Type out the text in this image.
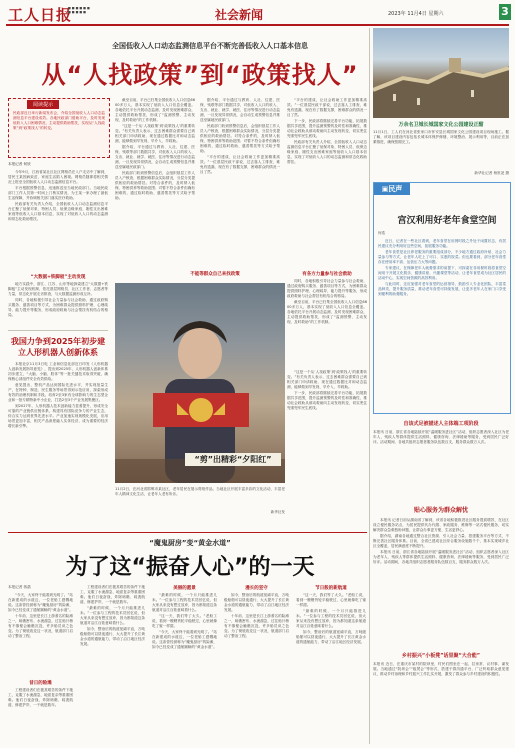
工人日报
■ ■ ■ ■ ■ ■
■ ■ ■ ■ ■	社会新闻	2023年 11月4日 星期六	3
全国低收入人口动态监测信息平台不断完善低收入人口基本信息
从“人找政策”到“政策找人”
阅读提示
民政部近日举行新闻发布会，介绍全国低收入人口动态监测信息平台建设成效。各地民政部门借助平台，及时发现低收入人口困难情况，主动提供救助帮扶，实现从“人找政策”到“政策找人”的转变。
本报记者 何欣

今年9月，江西省某社区社区网格员在入户走访中了解到，居民王某因病致贫，家庭生活陷入困境。网格员随即将相关情况上报至全国低收入人口动态监测信息平台。

平台根据预警信息，迅速推送至当地民政部门。当地民政部门工作人员第一时间上门核实情况，为王某一家办理了最低生活保障，并协调相关部门落实医疗救助。

民政部有关负责人介绍，全国低收入人口动态监测信息平台汇聚了低保对象、特困人员、低保边缘家庭、刚性支出困难家庭等低收入人口基本信息，实现了对低收入人口的动态监测和常态化救助帮扶。

“大数据+铁脚板”主动发现

地方实践中，浙江、江苏、山东等地探索建立“大数据+铁脚板”主动发现机制，依托基层网格员、社区工作者、志愿者等力量，常态化开展走访排查，与大数据监测形成互补。

同时，各地积极引导社会力量参与社会救助，通过政府购买服务、慈善项目等方式，为困难群众提供照料护理、心理疏导、能力提升等服务，形成政府救助与社会帮扶有机结合的格局。

截至目前，平台已归集全国低收入人口信息6600多万人，基本实现了低收入人口信息全覆盖。各地依托平台开展动态监测，及时发现困难群众，主动提供救助帮扶，形成了“监测预警、主动发现、及时救助”的工作机制。

“这是一个从‘人找政策’到‘政策找人’的重要转变。”有关负责人表示，过去困难群众需要自己到相关部门申请救助，现在通过数据比对和动态监测，能够做到早发现、早介入、早救助。

据介绍，平台通过与教育、人社、住建、医保、残联等部门数据共享，对低收入人口的收入、支出、就业、就学、就医、住房等情况进行动态监测，一旦发现异常情况，会自动生成预警信息并推送至属地民政部门。

民政部门收到预警信息后，会组织基层工作人员入户核查，根据困难群众实际情况，分层分类提供相应的救助帮扶。对符合条件的，及时纳入低保、特困供养等救助范围；对暂不符合条件但确有困难的，通过临时救助、慈善帮扶等方式给予帮助。

据介绍，平台通过与教育、人社、住建、医保、残联等部门数据共享，对低收入人口的收入、支出、就业、就学、就医、住房等情况进行动态监测，一旦发现异常情况，会自动生成预警信息并推送至属地民政部门。

民政部门收到预警信息后，会组织基层工作人员入户核查，根据困难群众实际情况，分层分类提供相应的救助帮扶。对符合条件的，及时纳入低保、特困供养等救助范围；对暂不符合条件但确有困难的，通过临时救助、慈善帮扶等方式给予帮助。

“平台的建成，让社会救助工作更加精准高效。”一位基层民政干部说，过去靠人工排查，难免有遗漏，现在有了数据支撑，困难群众的情况一目了然。

“平台的建成，让社会救助工作更加精准高效。”一位基层民政干部说，过去靠人工排查，难免有遗漏，现在有了数据支撑，困难群众的情况一目了然。

下一步，民政部将继续完善平台功能，拓展数据共享范围，提升监测预警的及时性和准确性，推动社会救助从被动救助向主动发现转变，切实兜住兜准兜牢民生底线。

民政部有关负责人介绍，全国低收入人口动态监测信息平台汇聚了低保对象、特困人员、低保边缘家庭、刚性支出困难家庭等低收入人口基本信息，实现了对低收入人口的动态监测和常态化救助帮扶。

有各方力量参与社会救助

同时，各地积极引导社会力量参与社会救助，通过政府购买服务、慈善项目等方式，为困难群众提供照料护理、心理疏导、能力提升等服务，形成政府救助与社会帮扶有机结合的格局。

截至目前，平台已归集全国低收入人口信息6600多万人，基本实现了低收入人口信息全覆盖。各地依托平台开展动态监测，及时发现困难群众，主动提供救助帮扶，形成了“监测预警、主动发现、及时救助”的工作机制。

不能等群众自己来找政策
万余名卫城长城国家文化公园建设正酣
11月1日，工人们在河北省张家口市怀安县长城国家文化公园建设项目现场施工。据了解，该项目建设内容包括长城本体保护修缮、环境整治、展示利用等，目前正在加紧推进，确保按期完工。
新华社记者 杨世尧 摄
▣民声
宫汉利用好老年食堂空间
何浩

近日，记者在一些社区看到，老年食堂在用餐时段之外处于闲置状态，有居民建议充分利用好这些空间，拓展服务功能。

老年食堂是社区养老服务的重要组成部分，不少地方通过政府补贴、社会力量参与等方式，让老年人吃上了可口、实惠的饭菜。但也要看到，部分老年食堂存在使用率不高、运营压力大等问题。

专家建议，在保障老年人就餐需求的前提下，可探索在非用餐时段将食堂空间用于开展文化娱乐、健康讲座、兴趣课堂等活动，让老年食堂成为社区居民的活动中心，实现空间资源的高效利用。

与此同时，还应加强对老年食堂的运营指导，鼓励引入专业化团队，丰富菜品种类，提升服务质量，推动老年食堂可持续发展，让更多老年人在家门口享受到便利的助餐服务。

自该式足被描述人主体端工项阶段
本报讯 日前，浙江省各地陆续开展“温暖服务进社区”活动，组织志愿者深入社区为老年人、残疾人等群体提供生活照料、健康咨询、法律援助等服务，受到居民广泛好评。活动期间，各地共组织志愿者服务队伍数百支，服务群众数万人次。
贴心服务为群众解忧

本报讯 记者日前从湖南省了解到，该省各地积极推进社区服务提质增效，在社区设立便民服务站点，为居民提供代办代缴、家政服务、维修等一站式便民服务，切实解决群众急难愁盼问题，让群众办事更方便、生活更舒心。

据介绍，湖南各地通过整合社区资源、引入社会力量、搭建服务平台等方式，不断完善社区服务体系。目前，全省已建成社区综合服务设施数千个，基本实现城乡社区全覆盖，居民满意度不断提升。

本报讯 日前，浙江省各地陆续开展“温暖服务进社区”活动，组织志愿者深入社区为老年人、残疾人等群体提供生活照料、健康咨询、法律援助等服务，受到居民广泛好评。活动期间，各地共组织志愿者服务队伍数百支，服务群众数万人次。

乡村振兴“小板凳”话里聚“大合能”
本报讯 近日，在重庆市某村的院坝里，村民们围坐在一起，拉家常、议村事、谋发展。当地通过“院坝会”“板凳会”等形式，搭建干群沟通平台，广泛听取群众意见建议，推动乡村治理和乡村振兴工作扎实开展，激发了群众参与乡村建设的积极性。
我国力争到2025年初步建立人形机器人创新体系

本报北京11月3日电 工业和信息化部近日印发《人形机器人创新发展指导意见》，提出到2025年，人形机器人创新体系初步建立，“大脑、小脑、肢体”等一批关键技术取得突破，确保核心部组件安全有效供给。

意见提出，整机产品达到国际先进水平，并实现批量生产，在特种、制造、民生服务等场景得到示范应用，探索形成有效的治理机制和手段。培育2至3家有全球影响力的生态型企业和一批专精特新中小企业，打造2至3个产业发展集聚区。

到2027年，人形机器人技术创新能力显著提升，形成安全可靠的产业链供应链体系，构建具有国际竞争力的产业生态，综合实力达到世界先进水平。产业加速实现规模化发展，应用场景更加丰富，相关产品深度融入实体经济，成为重要的经济增长新引擎。

“剪”出精彩“夕阳红”
11月2日，在河北省邯郸市某社区，老年居民在展示剪纸作品。当地社区开展丰富多彩的文化活动，丰富老年人精神文化生活，让老年人老有所乐。
新华社发

“这是一个从‘人找政策’到‘政策找人’的重要转变。”有关负责人表示，过去困难群众需要自己到相关部门申请救助，现在通过数据比对和动态监测，能够做到早发现、早介入、早救助。

下一步，民政部将继续完善平台功能，拓展数据共享范围，提升监测预警的及时性和准确性，推动社会救助从被动救助向主动发现转变，切实兜住兜准兜牢民生底线。

“魔鬼厨房”变“黄金水道”
为了这“振奋人心”的一天
本报记者 蒋菡

“今天，大家终于能看到光明了。”站在新建成的水道边，一位老船工感慨地说。这条曾经被称为“魔鬼厨房”的险滩，如今已经变成了通航顺畅的“黄金水道”。

十年前，这里是长江上游著名的险滩之一，暗礁密布、水流湍急，过往船只稍有不慎便会触礁沉没，许多船员谈之色变。为了彻底改变这一状况，航道部门启动了整治工程。

昔日的险滩

工程建设者们在极其艰苦的条件下施工，克服了水流湍急、地质复杂等重重困难。他们日夜奋战，炸除暗礁、疏浚航道、修建护岸，一干就是数年。

工程建设者们在极其艰苦的条件下施工，克服了水流湍急、地质复杂等重重困难。他们日夜奋战，炸除暗礁、疏浚航道、修建护岸，一干就是数年。

“最难的时候，一个月只能推进几米。”一位参与工程的技术员回忆说，但大家从来没有想过放弃，因为都知道这条航道对沿江百姓意味着什么。

如今，整治后的航道宽阔平直，万吨级船舶可以昼夜通行，大大提升了长江黄金水道的通航能力，带动了沿江地区经济发展。

美丽的愿景

“最难的时候，一个月只能推进几米。”一位参与工程的技术员回忆说，但大家从来没有想过放弃，因为都知道这条航道对沿江百姓意味着什么。

“这一天，我们等了太久。”老船工说，看到一艘艘货轮平稳驶过，心里就像吃了蜜一样甜。

“今天，大家终于能看到光明了。”站在新建成的水道边，一位老船工感慨地说。这条曾经被称为“魔鬼厨房”的险滩，如今已经变成了通航顺畅的“黄金水道”。

漫长的坚守

如今，整治后的航道宽阔平直，万吨级船舶可以昼夜通行，大大提升了长江黄金水道的通航能力，带动了沿江地区经济发展。

十年前，这里是长江上游著名的险滩之一，暗礁密布、水流湍急，过往船只稍有不慎便会触礁沉没，许多船员谈之色变。为了彻底改变这一状况，航道部门启动了整治工程。

节日般的新航道

“这一天，我们等了太久。”老船工说，看到一艘艘货轮平稳驶过，心里就像吃了蜜一样甜。

“最难的时候，一个月只能推进几米。”一位参与工程的技术员回忆说，但大家从来没有想过放弃，因为都知道这条航道对沿江百姓意味着什么。

如今，整治后的航道宽阔平直，万吨级船舶可以昼夜通行，大大提升了长江黄金水道的通航能力，带动了沿江地区经济发展。
